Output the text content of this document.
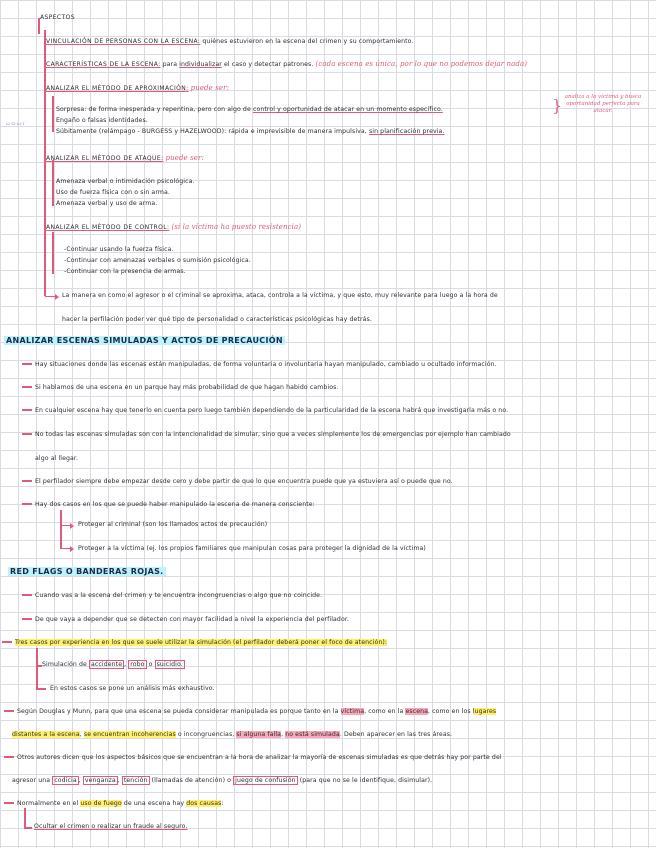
ASPECTOS
VINCULACIÓN DE PERSONAS CON LA ESCENA: quiénes estuvieron en la escena del crimen y su comportamiento.
CARACTERÍSTICAS DE LA ESCENA: para individualizar el caso y detectar patrones. (cada escena es única, por lo que no podemos dejar nada)
ANALIZAR EL MÉTODO DE APROXIMACIÓN: puede ser:
ω sɪ·ɯ·ɪ˙
Sorpresa: de forma inesperada y repentina, pero con algo de control y oportunidad de atacar en un momento específico.
Engaño o falsas identidades.
Súbitamente (relámpago - BURGESS y HAZELWOOD): rápida e imprevisible de manera impulsiva, sin planificación previa.
} analiza a la víctima y busca oportunidad perfecta para atacar.
ANALIZAR EL MÉTODO DE ATAQUE: puede ser:
Amenaza verbal o intimidación psicológica.
Uso de fuerza física con o sin arma.
Amenaza verbal y uso de arma.
ANALIZAR EL MÉTODO DE CONTROL: (si la víctima ha puesto resistencia)
-Continuar usando la fuerza física.
-Continuar con amenazas verbales o sumisión psicológica.
-Continuar con la presencia de armas.
La manera en como el agresor o el criminal se aproxima, ataca, controla a la víctima, y que esto, muy relevante para luego a la hora de
hacer la perfilación poder ver qué tipo de personalidad o características psicológicas hay detrás.
ANALIZAR ESCENAS SIMULADAS Y ACTOS DE PRECAUCIÓN
Hay situaciones donde las escenas están manipuladas, de forma voluntaria o involuntaria hayan manipulado, cambiado u ocultado información.
Si hablamos de una escena en un parque hay más probabilidad de que hagan habido cambios.
En cualquier escena hay que tenerlo en cuenta pero luego también dependiendo de la particularidad de la escena habrá que investigarla más o no.
No todas las escenas simuladas son con la intencionalidad de simular, sino que a veces simplemente los de emergencias por ejemplo han cambiado
algo al llegar.
El perfilador siempre debe empezar desde cero y debe partir de que lo que encuentra puede que ya estuviera así o puede que no.
Hay dos casos en los que se puede haber manipulado la escena de manera consciente:
Proteger al criminal (son los llamados actos de precaución)
Proteger a la víctima (ej. los propios familiares que manipulan cosas para proteger la dignidad de la víctima)
RED FLAGS O BANDERAS ROJAS.
Cuando vas a la escena del crimen y te encuentra incongruencias o algo que no coincide.
De que vaya a depender que se detecten con mayor facilidad a nivel la experiencia del perfilador.
Tres casos por experiencia en los que se suele utilizar la simulación (el perfilador deberá poner el foco de atención):
Simulación de accidente , robo o suicidio.
En estos casos se pone un análisis más exhaustivo.
Según Douglas y Munn, para que una escena se pueda considerar manipulada es porque tanto en la víctima, como en la escena, como en los lugares
distantes a la escena, se encuentran incoherencias o incongruencias, si alguna falla, no está simulada. Deben aparecer en las tres áreas.
Otros autores dicen que los aspectos básicos que se encuentran a la hora de analizar la mayoría de escenas simuladas es que detrás hay por parte del
agresor una codicia , venganza , tención (llamadas de atención) o juego de confusión (para que no se le identifique, disimular).
Normalmente en el uso de fuego de una escena hay dos causas:
Ocultar el crimen o realizar un fraude al seguro.
